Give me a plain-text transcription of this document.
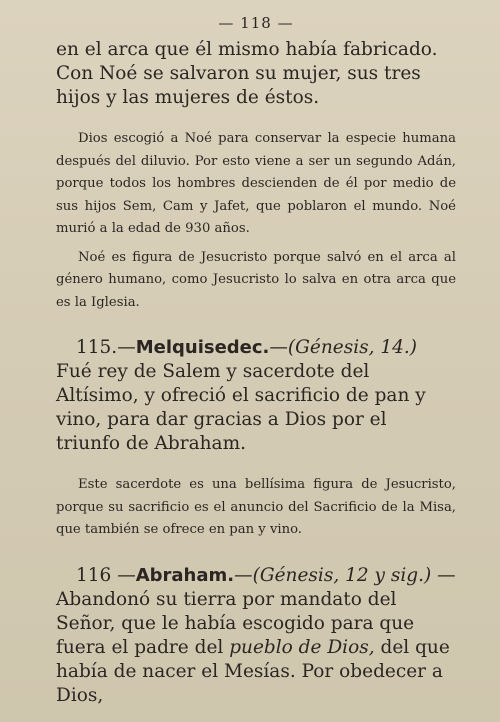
— 118 —

en el arca que él mismo había fabricado.
Con Noé se salvaron su mujer, sus tres
hijos y las mujeres de éstos.

Dios escogió a Noé para conservar la especie humana después del diluvio. Por esto viene a ser un segundo Adán, porque todos los hombres descienden de él por medio de sus hijos Sem, Cam y Jafet, que poblaron el mundo. Noé murió a la edad de 930 años.

Noé es figura de Jesucristo porque salvó en el arca al género humano, como Jesucristo lo salva en otra arca que es la Iglesia.

115.—Melquisedec.—(Génesis, 14.) Fué rey de Salem y sacerdote del Altísimo, y ofreció el sacrificio de pan y vino, para dar gracias a Dios por el triunfo de Abraham.

Este sacerdote es una bellísima figura de Jesucristo, porque su sacrificio es el anuncio del Sacrificio de la Misa, que también se ofrece en pan y vino.

116 —Abraham.—(Génesis, 12 y sig.) —Abandonó su tierra por mandato del Señor, que le había escogido para que fuera el padre del pueblo de Dios, del que había de nacer el Mesías. Por obedecer a Dios,
